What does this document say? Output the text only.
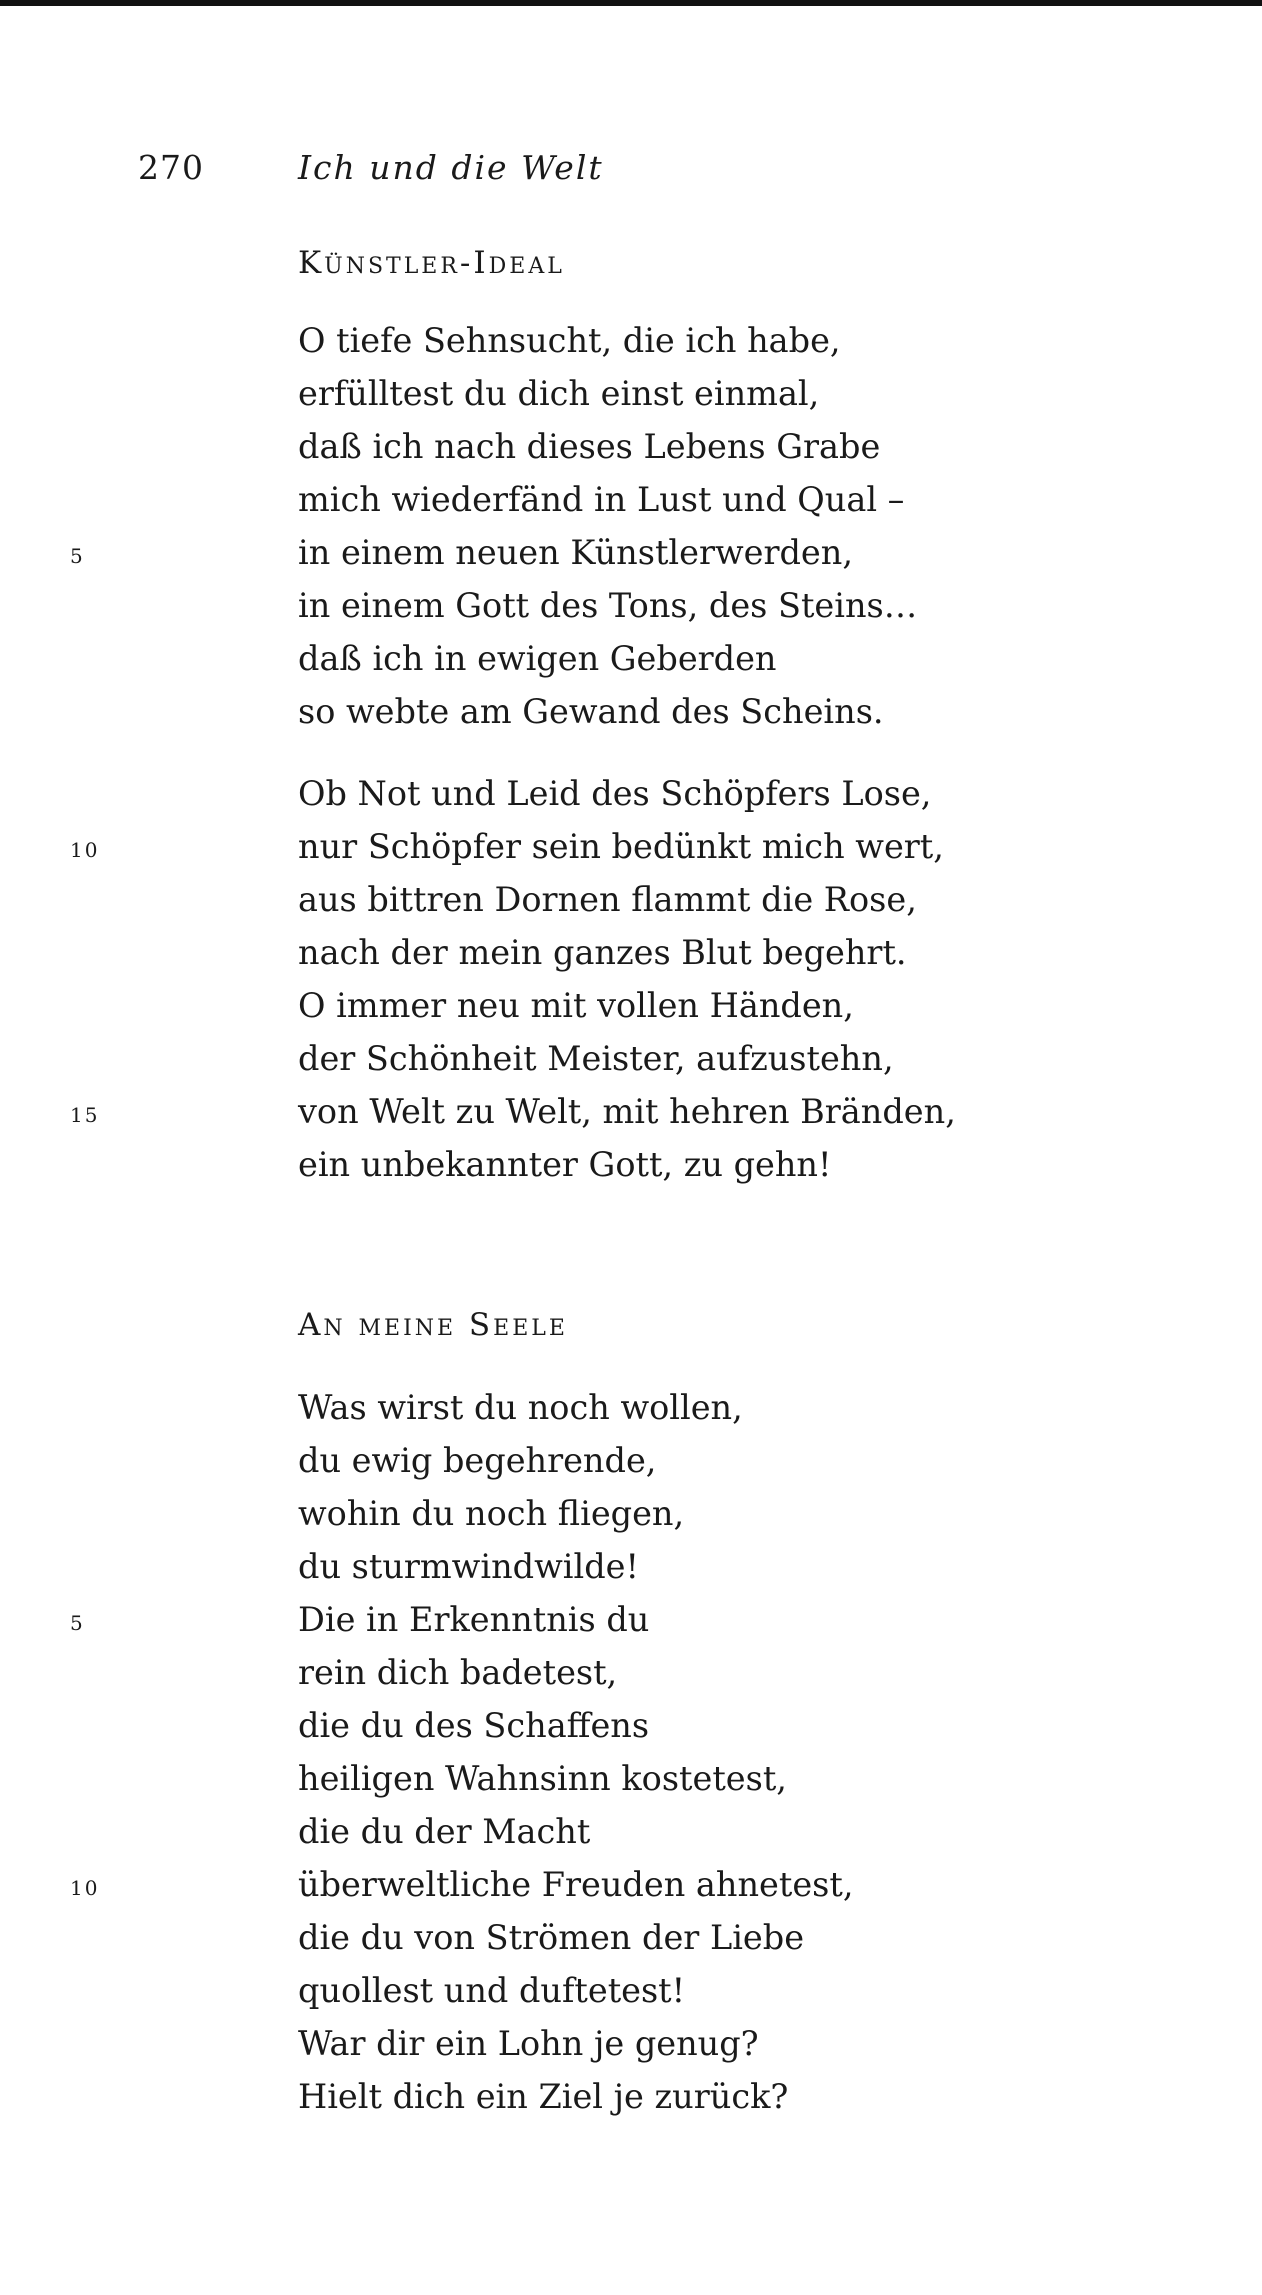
270	Ich und die Welt
Künstler-Ideal
O tiefe Sehnsucht, die ich habe,
erfülltest du dich einst einmal,
daß ich nach dieses Lebens Grabe
mich wiederfänd in Lust und Qual –
5	in einem neuen Künstlerwerden,
in einem Gott des Tons, des Steins…
daß ich in ewigen Geberden
so webte am Gewand des Scheins.
Ob Not und Leid des Schöpfers Lose,
10	nur Schöpfer sein bedünkt mich wert,
aus bittren Dornen flammt die Rose,
nach der mein ganzes Blut begehrt.
O immer neu mit vollen Händen,
der Schönheit Meister, aufzustehn,
15	von Welt zu Welt, mit hehren Bränden,
ein unbekannter Gott, zu gehn!
An meine Seele
Was wirst du noch wollen,
du ewig begehrende,
wohin du noch fliegen,
du sturmwindwilde!
5	Die in Erkenntnis du
rein dich badetest,
die du des Schaffens
heiligen Wahnsinn kostetest,
die du der Macht
10	überweltliche Freuden ahnetest,
die du von Strömen der Liebe
quollest und duftetest!
War dir ein Lohn je genug?
Hielt dich ein Ziel je zurück?
